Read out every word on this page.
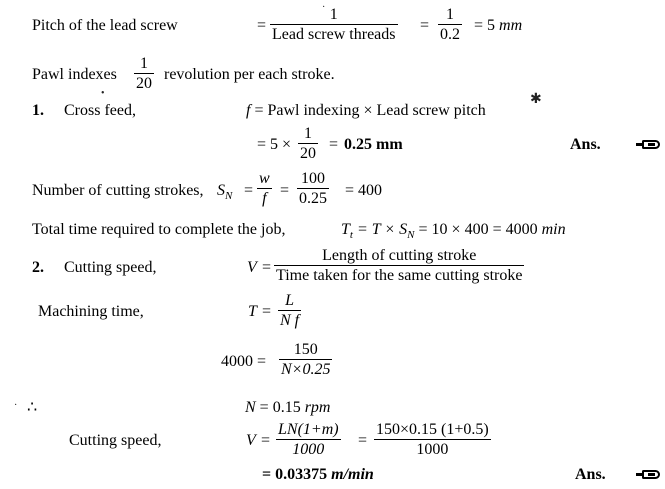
Pitch of the lead screw	=
1
Lead screw threads
= $\frac{1}{0.2} = 5$ mm
Pawl indexes $\frac{1}{20}$ revolution per each stroke.
1. Cross feed,	f = Pawl indexing × Lead screw pitch
= $5 \times \frac{1}{20} = 0.25$ mm	Ans.
Number of cutting strokes, $S_N = \frac{w}{f} = \frac{100}{0.25} = 400$
Total time required to complete the job,	$T_t = T \times S_N = 10 \times 400 = 4000$ min
2. Cutting speed,	V =
Length of cutting stroke
Time taken for the same cutting stroke
Machining time,	$T = \frac{L}{\text{N f}}$
$4000 = \frac{150}{N\times 0.25}$
∴	N = 0.15 rpm
Cutting speed,	$V = \frac{LN(1+m)}{1000} = \frac{150\times 0.15 (1+0.5)}{1000}$
= 0.03375 m/min	Ans.
·
✱
•
·
